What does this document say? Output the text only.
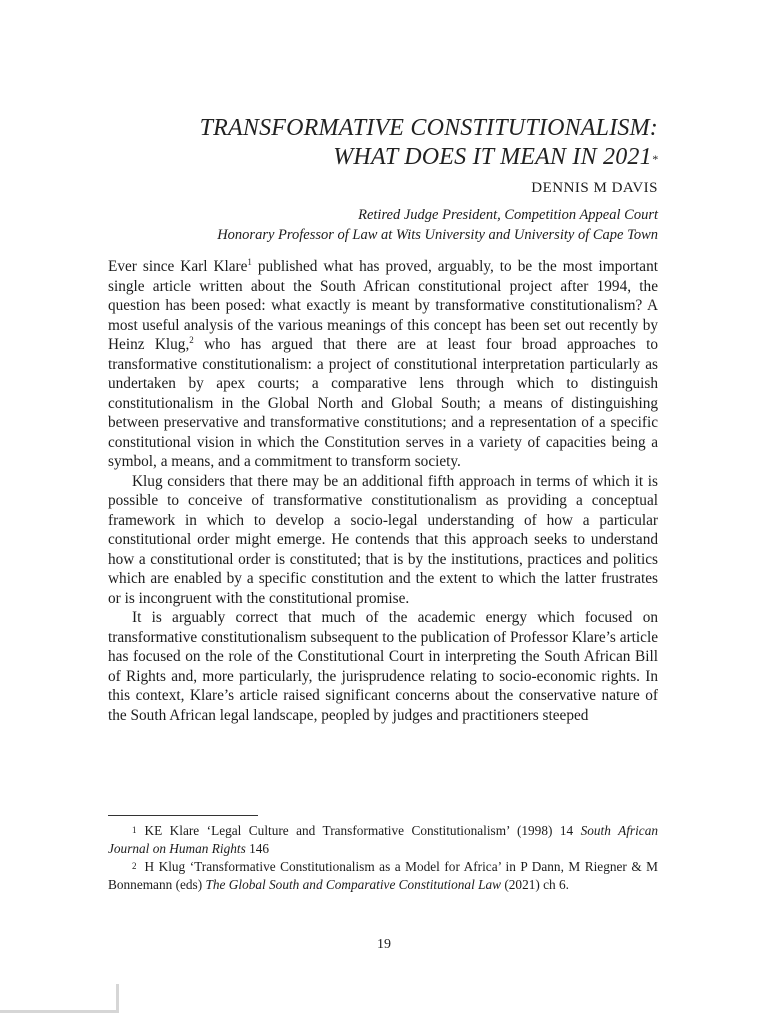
TRANSFORMATIVE CONSTITUTIONALISM:
WHAT DOES IT MEAN IN 2021*
DENNIS M DAVIS
Retired Judge President, Competition Appeal Court
Honorary Professor of Law at Wits University and University of Cape Town

Ever since Karl Klare$^1$ published what has proved, arguably, to be the most important single article written about the South African constitutional project after 1994, the question has been posed: what exactly is meant by transformative constitutionalism? A most useful analysis of the various meanings of this concept has been set out recently by Heinz Klug,$^2$ who has argued that there are at least four broad approaches to transformative constitutionalism: a project of constitutional interpretation particularly as undertaken by apex courts; a comparative lens through which to distinguish constitutionalism in the Global North and Global South; a means of distinguishing between preservative and transformative constitutions; and a representation of a specific constitutional vision in which the Constitution serves in a variety of capacities being a symbol, a means, and a commitment to transform society.

Klug considers that there may be an additional fifth approach in terms of which it is possible to conceive of transformative constitutionalism as providing a conceptual framework in which to develop a socio-legal understanding of how a particular constitutional order might emerge. He contends that this approach seeks to understand how a constitutional order is constituted; that is by the institutions, practices and politics which are enabled by a specific constitution and the extent to which the latter frustrates or is incongruent with the constitutional promise.

It is arguably correct that much of the academic energy which focused on transformative constitutionalism subsequent to the publication of Professor Klare’s article has focused on the role of the Constitutional Court in interpreting the South African Bill of Rights and, more particularly, the jurisprudence relating to socio-economic rights. In this context, Klare’s article raised significant concerns about the conservative nature of the South African legal landscape, peopled by judges and practitioners steeped

$^1$ KE Klare ‘Legal Culture and Transformative Constitutionalism’ (1998) 14 South African Journal on Human Rights 146

$^2$ H Klug ‘Transformative Constitutionalism as a Model for Africa’ in P Dann, M Riegner & M Bonnemann (eds) The Global South and Comparative Constitutional Law (2021) ch 6.

19
